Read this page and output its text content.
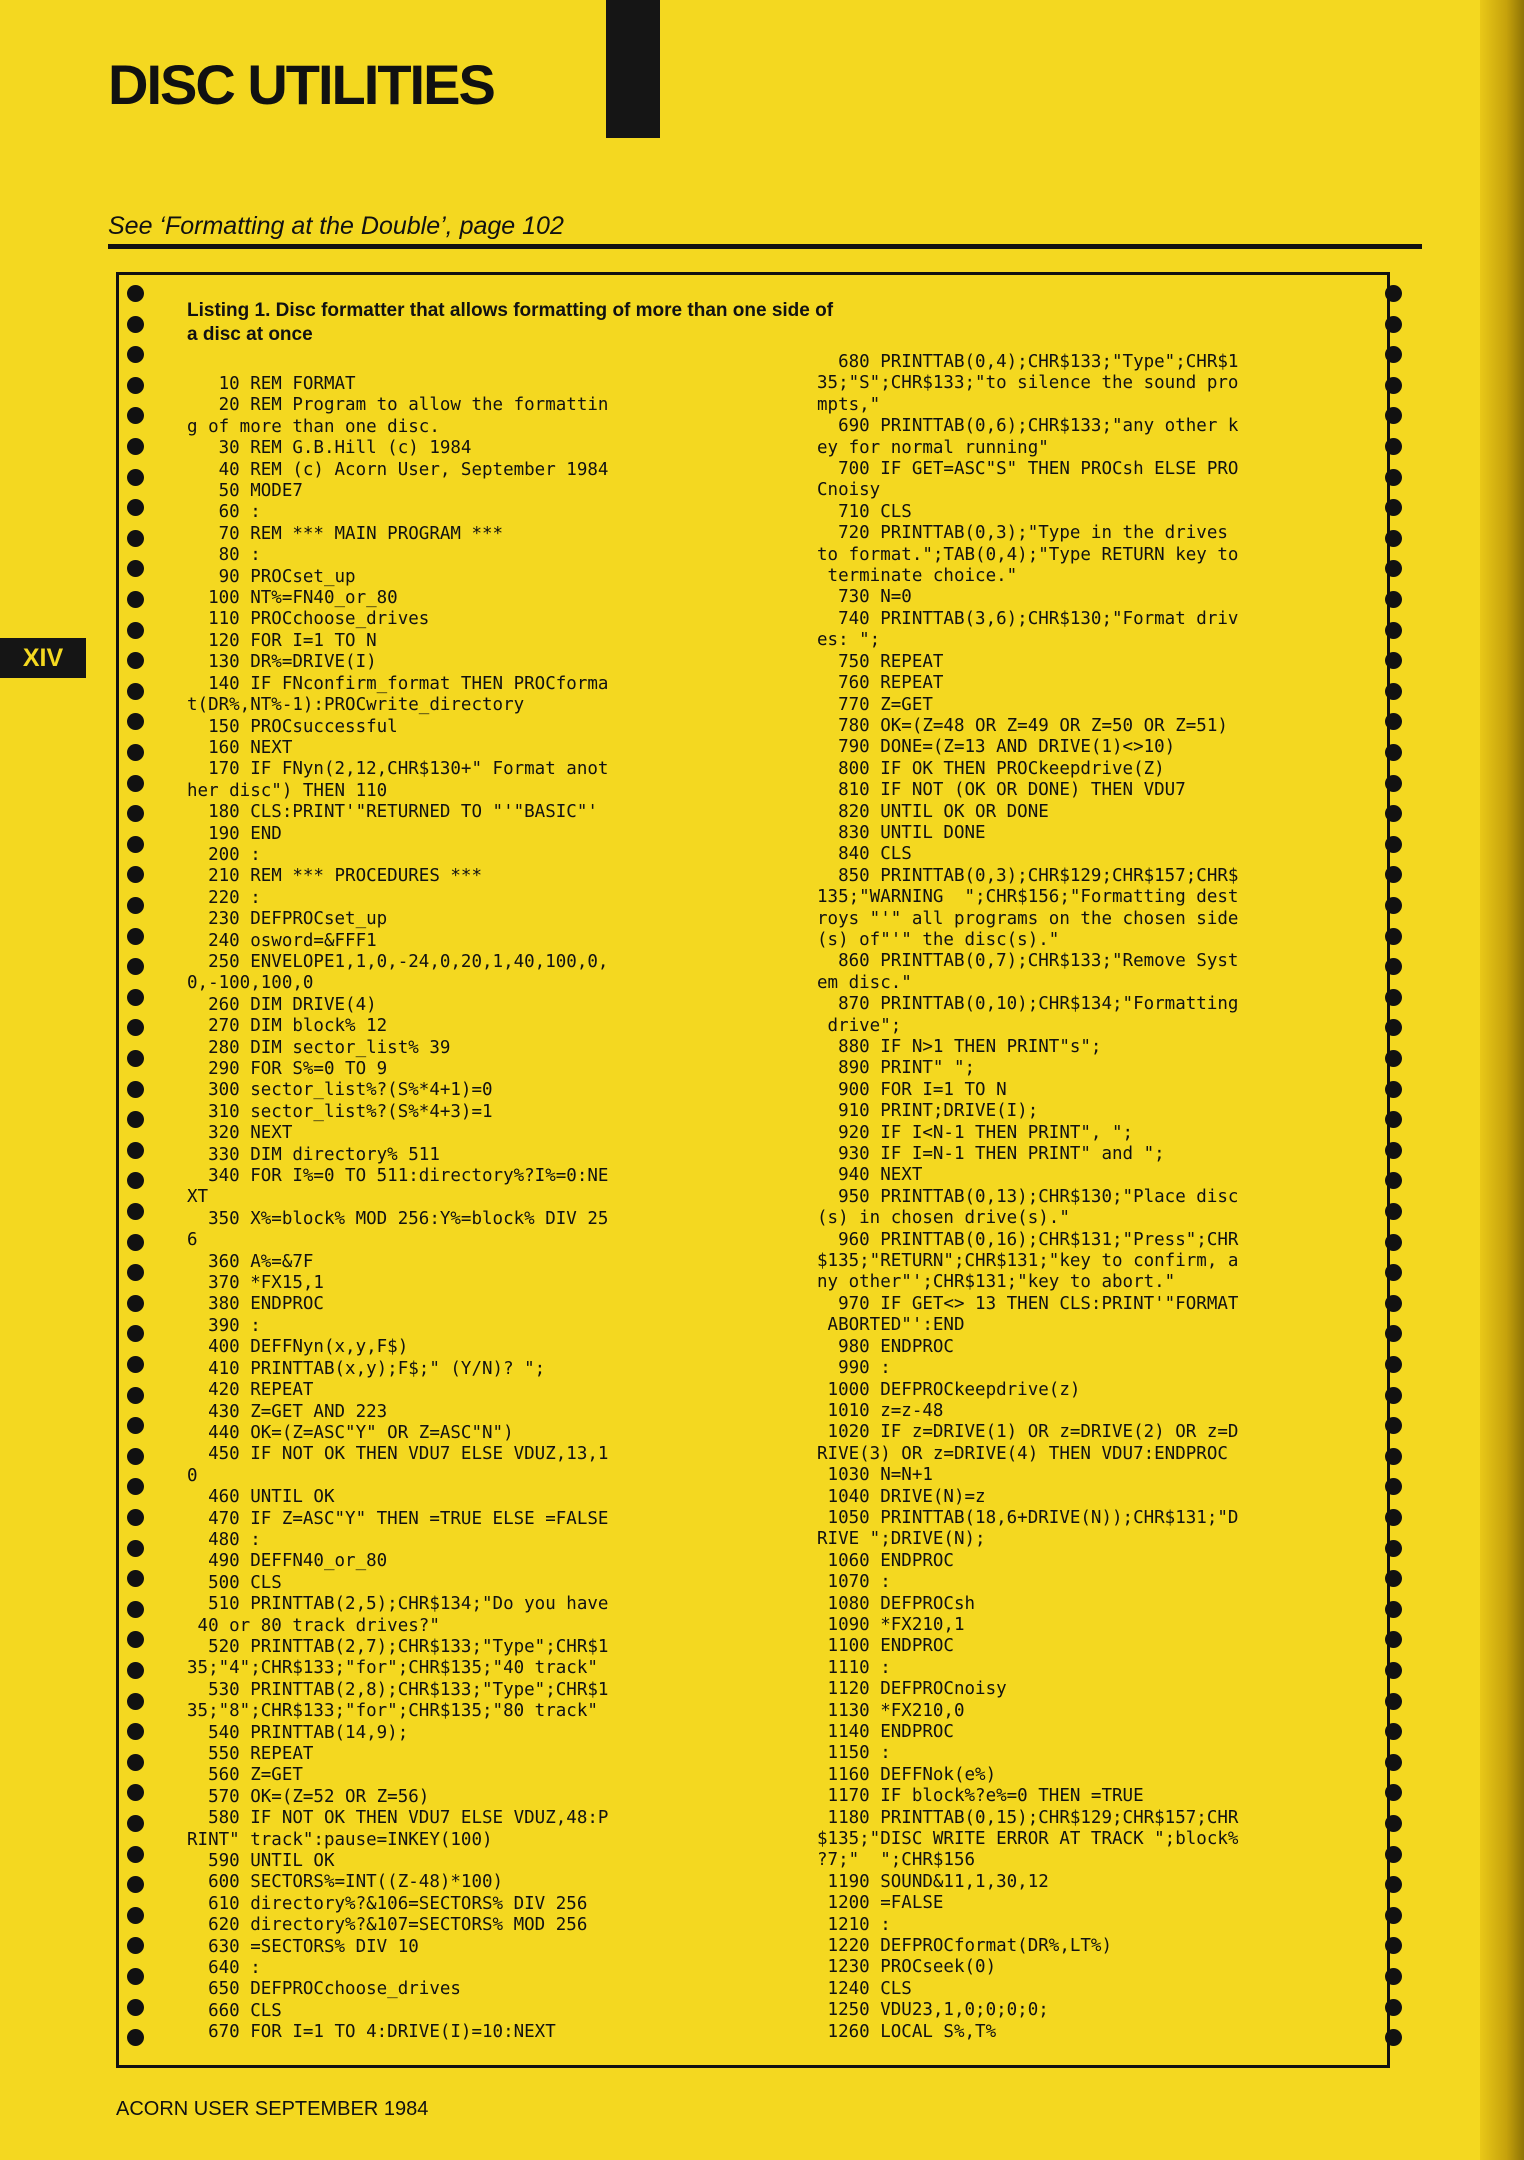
DISC UTILITIES
See ‘Formatting at the Double’, page 102
XIV
Listing 1. Disc formatter that allows formatting of more than one side of a disc at once
10 REM FORMAT
20 REM Program to allow the formattin
g of more than one disc.
30 REM G.B.Hill (c) 1984
40 REM (c) Acorn User, September 1984
50 MODE7
60 :
70 REM *** MAIN PROGRAM ***
80 :
90 PROCset_up
100 NT%=FN40_or_80
110 PROCchoose_drives
120 FOR I=1 TO N
130 DR%=DRIVE(I)
140 IF FNconfirm_format THEN PROCforma
t(DR%,NT%-1):PROCwrite_directory
150 PROCsuccessful
160 NEXT
170 IF FNyn(2,12,CHR$130+" Format anot
her disc") THEN 110
180 CLS:PRINT'"RETURNED TO "'"BASIC"'
190 END
200 :
210 REM *** PROCEDURES ***
220 :
230 DEFPROCset_up
240 osword=&FFF1
250 ENVELOPE1,1,0,-24,0,20,1,40,100,0,
0,-100,100,0
260 DIM DRIVE(4)
270 DIM block% 12
280 DIM sector_list% 39
290 FOR S%=0 TO 9
300 sector_list%?(S%*4+1)=0
310 sector_list%?(S%*4+3)=1
320 NEXT
330 DIM directory% 511
340 FOR I%=0 TO 511:directory%?I%=0:NE
XT
350 X%=block% MOD 256:Y%=block% DIV 25
6
360 A%=&7F
370 *FX15,1
380 ENDPROC
390 :
400 DEFFNyn(x,y,F$)
410 PRINTTAB(x,y);F$;" (Y/N)? ";
420 REPEAT
430 Z=GET AND 223
440 OK=(Z=ASC"Y" OR Z=ASC"N")
450 IF NOT OK THEN VDU7 ELSE VDUZ,13,1
0
460 UNTIL OK
470 IF Z=ASC"Y" THEN =TRUE ELSE =FALSE
480 :
490 DEFFN40_or_80
500 CLS
510 PRINTTAB(2,5);CHR$134;"Do you have
40 or 80 track drives?"
520 PRINTTAB(2,7);CHR$133;"Type";CHR$1
35;"4";CHR$133;"for";CHR$135;"40 track"
530 PRINTTAB(2,8);CHR$133;"Type";CHR$1
35;"8";CHR$133;"for";CHR$135;"80 track"
540 PRINTTAB(14,9);
550 REPEAT
560 Z=GET
570 OK=(Z=52 OR Z=56)
580 IF NOT OK THEN VDU7 ELSE VDUZ,48:P
RINT" track":pause=INKEY(100)
590 UNTIL OK
600 SECTORS%=INT((Z-48)*100)
610 directory%?&106=SECTORS% DIV 256
620 directory%?&107=SECTORS% MOD 256
630 =SECTORS% DIV 10
640 :
650 DEFPROCchoose_drives
660 CLS
670 FOR I=1 TO 4:DRIVE(I)=10:NEXT
680 PRINTTAB(0,4);CHR$133;"Type";CHR$1
35;"S";CHR$133;"to silence the sound pro
mpts,"
690 PRINTTAB(0,6);CHR$133;"any other k
ey for normal running"
700 IF GET=ASC"S" THEN PROCsh ELSE PRO
Cnoisy
710 CLS
720 PRINTTAB(0,3);"Type in the drives
to format.";TAB(0,4);"Type RETURN key to
terminate choice."
730 N=0
740 PRINTTAB(3,6);CHR$130;"Format driv
es: ";
750 REPEAT
760 REPEAT
770 Z=GET
780 OK=(Z=48 OR Z=49 OR Z=50 OR Z=51)
790 DONE=(Z=13 AND DRIVE(1)<>10)
800 IF OK THEN PROCkeepdrive(Z)
810 IF NOT (OK OR DONE) THEN VDU7
820 UNTIL OK OR DONE
830 UNTIL DONE
840 CLS
850 PRINTTAB(0,3);CHR$129;CHR$157;CHR$
135;"WARNING  ";CHR$156;"Formatting dest
roys "'" all programs on the chosen side
(s) of"'" the disc(s)."
860 PRINTTAB(0,7);CHR$133;"Remove Syst
em disc."
870 PRINTTAB(0,10);CHR$134;"Formatting
drive";
880 IF N>1 THEN PRINT"s";
890 PRINT" ";
900 FOR I=1 TO N
910 PRINT;DRIVE(I);
920 IF I<N-1 THEN PRINT", ";
930 IF I=N-1 THEN PRINT" and ";
940 NEXT
950 PRINTTAB(0,13);CHR$130;"Place disc
(s) in chosen drive(s)."
960 PRINTTAB(0,16);CHR$131;"Press";CHR
$135;"RETURN";CHR$131;"key to confirm, a
ny other"';CHR$131;"key to abort."
970 IF GET<> 13 THEN CLS:PRINT'"FORMAT
ABORTED"':END
980 ENDPROC
990 :
1000 DEFPROCkeepdrive(z)
1010 z=z-48
1020 IF z=DRIVE(1) OR z=DRIVE(2) OR z=D
RIVE(3) OR z=DRIVE(4) THEN VDU7:ENDPROC
1030 N=N+1
1040 DRIVE(N)=z
1050 PRINTTAB(18,6+DRIVE(N));CHR$131;"D
RIVE ";DRIVE(N);
1060 ENDPROC
1070 :
1080 DEFPROCsh
1090 *FX210,1
1100 ENDPROC
1110 :
1120 DEFPROCnoisy
1130 *FX210,0
1140 ENDPROC
1150 :
1160 DEFFNok(e%)
1170 IF block%?e%=0 THEN =TRUE
1180 PRINTTAB(0,15);CHR$129;CHR$157;CHR
$135;"DISC WRITE ERROR AT TRACK ";block%
?7;"  ";CHR$156
1190 SOUND&11,1,30,12
1200 =FALSE
1210 :
1220 DEFPROCformat(DR%,LT%)
1230 PROCseek(0)
1240 CLS
1250 VDU23,1,0;0;0;0;
1260 LOCAL S%,T%
ACORN USER SEPTEMBER 1984
